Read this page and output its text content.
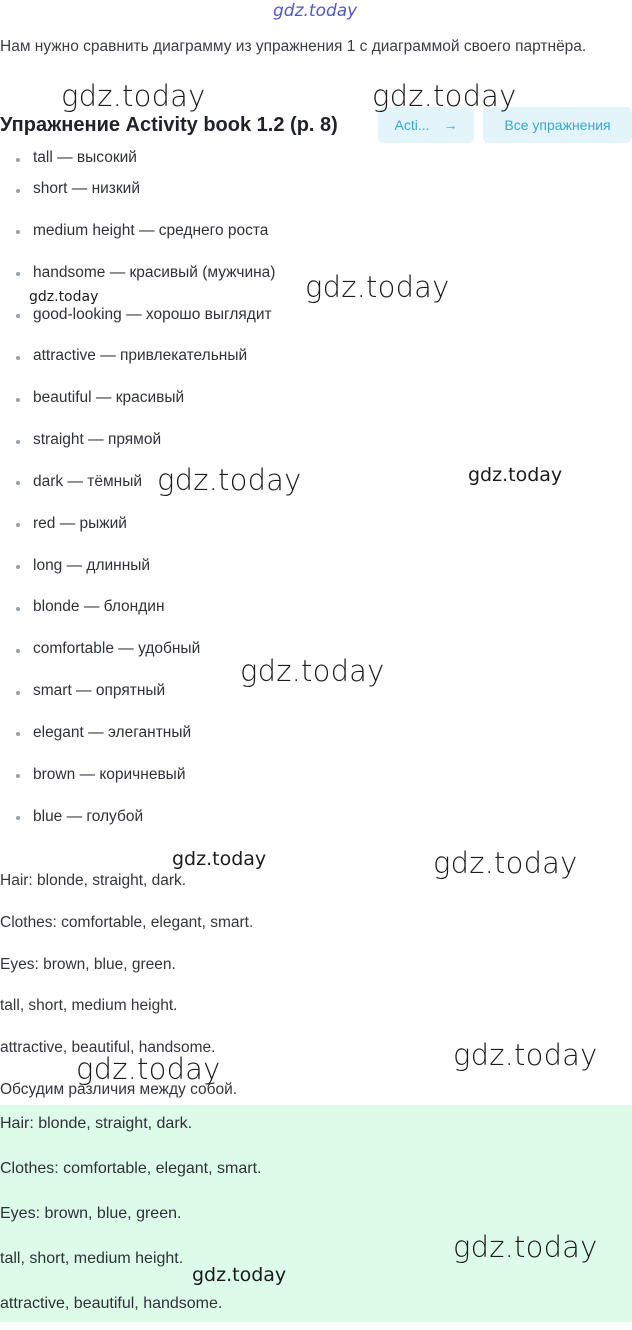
gdz.today
gdz.today	gdz.today
gdz.today
gdz.today
gdz.today	gdz.today
gdz.today
gdz.today	gdz.today
gdz.today	gdz.today
gdz.today
gdz.today
Нам нужно сравнить диаграмму из упражнения 1 с диаграммой своего партнёра.
Упражнение Activity book 1.2 (p. 8)	Acti... →	Все упражнения
tall — высокий
short — низкий
medium height — среднего роста
handsome — красивый (мужчина)
good-looking — хорошо выглядит
attractive — привлекательный
beautiful — красивый
straight — прямой
dark — тёмный
red — рыжий
long — длинный
blonde — блондин
comfortable — удобный
smart — опрятный
elegant — элегантный
brown — коричневый
blue — голубой

Hair: blonde, straight, dark.

Clothes: comfortable, elegant, smart.

Eyes: brown, blue, green.

tall, short, medium height.

attractive, beautiful, handsome.

Обсудим различия между собой.

Hair: blonde, straight, dark.

Clothes: comfortable, elegant, smart.

Eyes: brown, blue, green.

tall, short, medium height.

attractive, beautiful, handsome.
